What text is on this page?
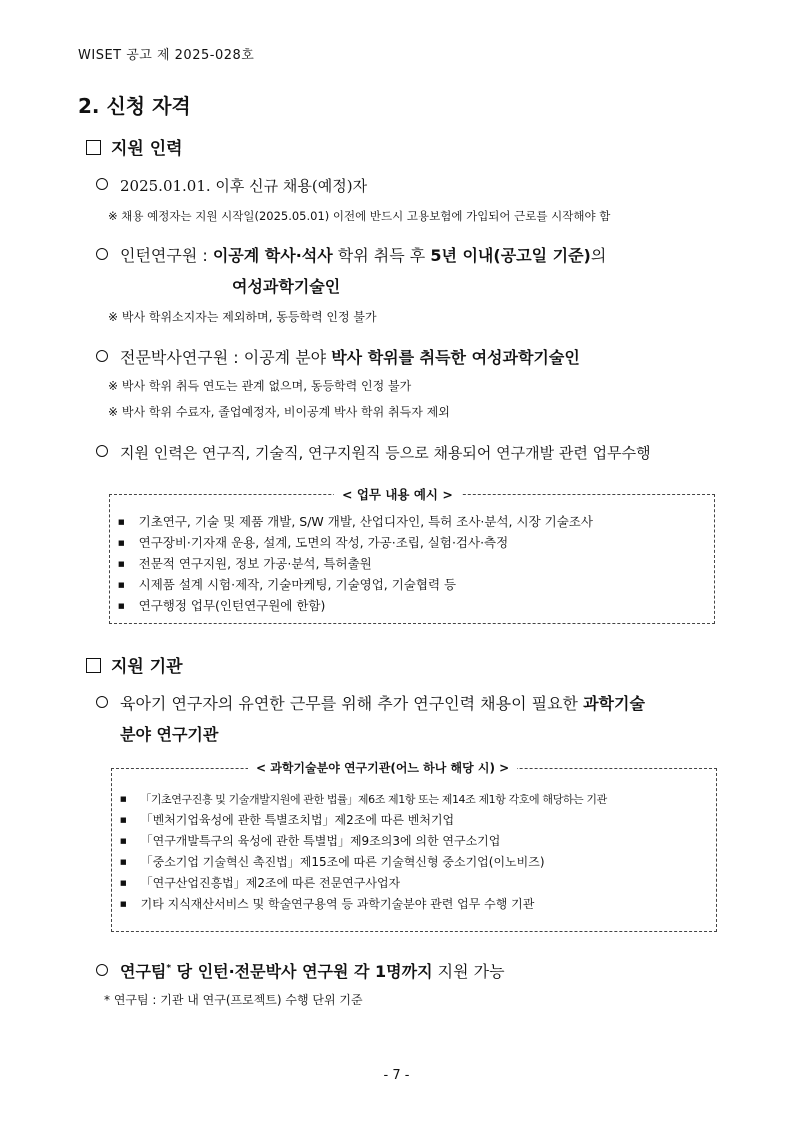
WISET 공고 제 2025-028호
2. 신청 자격
지원 인력
2025.01.01. 이후 신규 채용(예정)자
※ 채용 예정자는 지원 시작일(2025.05.01) 이전에 반드시 고용보험에 가입되어 근로를 시작해야 함
인턴연구원 : 이공계 학사·석사 학위 취득 후 5년 이내(공고일 기준)의
여성과학기술인
※ 박사 학위소지자는 제외하며, 동등학력 인정 불가
전문박사연구원 : 이공계 분야 박사 학위를 취득한 여성과학기술인
※ 박사 학위 취득 연도는 관계 없으며, 동등학력 인정 불가
※ 박사 학위 수료자, 졸업예정자, 비이공계 박사 학위 취득자 제외
지원 인력은 연구직, 기술직, 연구지원직 등으로 채용되어 연구개발 관련 업무수행
< 업무 내용 예시 >
■ 기초연구, 기술 및 제품 개발, S/W 개발, 산업디자인, 특허 조사·분석, 시장 기술조사
■ 연구장비·기자재 운용, 설계, 도면의 작성, 가공·조립, 실험·검사·측정
■ 전문적 연구지원, 정보 가공·분석, 특허출원
■ 시제품 설계 시험·제작, 기술마케팅, 기술영업, 기술협력 등
■ 연구행정 업무(인턴연구원에 한함)
지원 기관
육아기 연구자의 유연한 근무를 위해 추가 연구인력 채용이 필요한 과학기술
분야 연구기관
< 과학기술분야 연구기관(어느 하나 해당 시) >
■ 「기초연구진흥 및 기술개발지원에 관한 법률」제6조 제1항 또는 제14조 제1항 각호에 해당하는 기관
■ 「벤처기업육성에 관한 특별조치법」제2조에 따른 벤처기업
■ 「연구개발특구의 육성에 관한 특별법」제9조의3에 의한 연구소기업
■ 「중소기업 기술혁신 촉진법」제15조에 따른 기술혁신형 중소기업(이노비즈)
■ 「연구산업진흥법」제2조에 따른 전문연구사업자
■ 기타 지식재산서비스 및 학술연구용역 등 과학기술분야 관련 업무 수행 기관
연구팀* 당 인턴·전문박사 연구원 각 1명까지 지원 가능
* 연구팀 : 기관 내 연구(프로젝트) 수행 단위 기준
- 7 -
